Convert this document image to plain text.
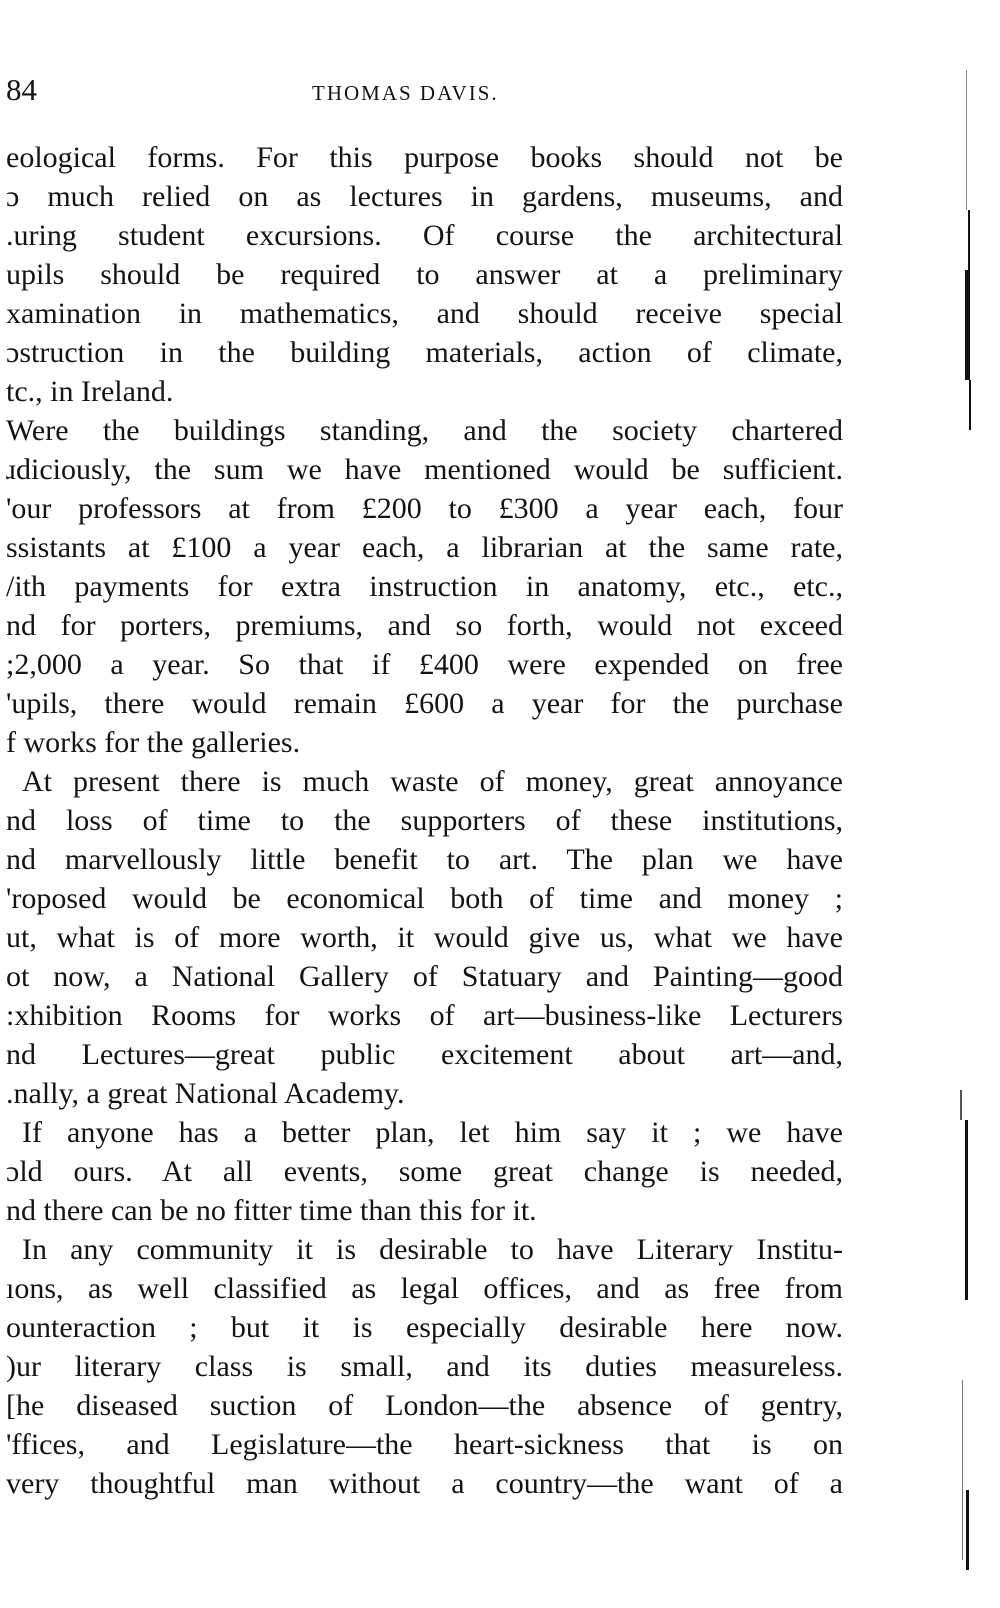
84	THOMAS DAVIS.
eological forms. For this purpose books should not be
ɔ much relied on as lectures in gardens, museums, and
.uring student excursions. Of course the architectural
upils should be required to answer at a preliminary
xamination in mathematics, and should receive special
ɔstruction in the building materials, action of climate,
tc., in Ireland.
Were the buildings standing, and the society chartered
ɹdiciously, the sum we have mentioned would be sufficient.
'our professors at from £200 to £300 a year each, four
ssistants at £100 a year each, a librarian at the same rate,
/ith payments for extra instruction in anatomy, etc., etc.,
nd for porters, premiums, and so forth, would not exceed
;2,000 a year. So that if £400 were expended on free
'upils, there would remain £600 a year for the purchase
f works for the galleries.
At present there is much waste of money, great annoyance
nd loss of time to the supporters of these institutions,
nd marvellously little benefit to art. The plan we have
'roposed would be economical both of time and money ;
ut, what is of more worth, it would give us, what we have
ot now, a National Gallery of Statuary and Painting—good
:xhibition Rooms for works of art—business-like Lecturers
nd Lectures—great public excitement about art—and,
.nally, a great National Academy.
If anyone has a better plan, let him say it ; we have
ɔld ours. At all events, some great change is needed,
nd there can be no fitter time than this for it.
In any community it is desirable to have Literary Institu-
ıons, as well classified as legal offices, and as free from
ounteraction ; but it is especially desirable here now.
)ur literary class is small, and its duties measureless.
[he diseased suction of London—the absence of gentry,
'ffices, and Legislature—the heart-sickness that is on
very thoughtful man without a country—the want of a
